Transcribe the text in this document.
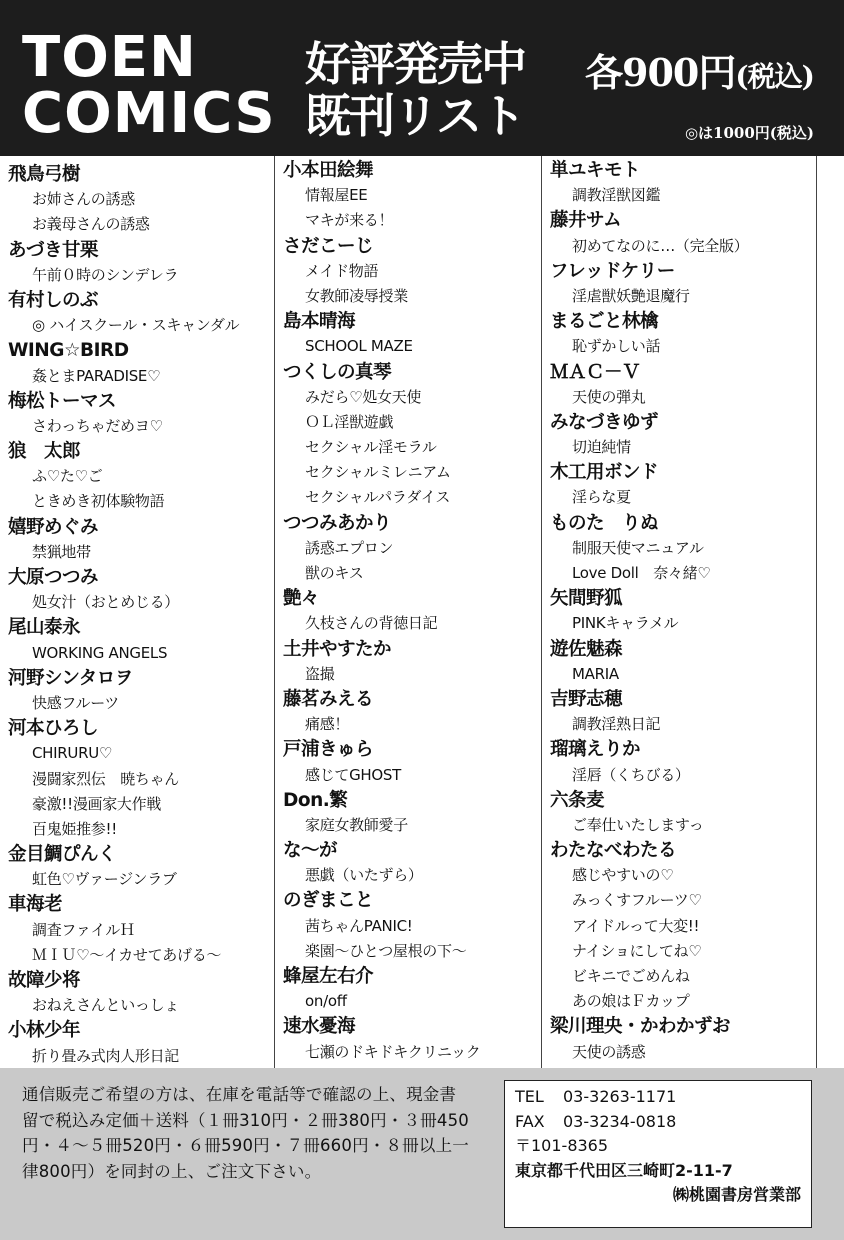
TOEN
COMICS
好評発売中
既刊リスト
各900円(税込)
◎は1000円(税込)
飛鳥弓樹
お姉さんの誘惑
お義母さんの誘惑
あづき甘栗
午前０時のシンデレラ
有村しのぶ
◎ ハイスクール・スキャンダル
WING☆BIRD
姦とまPARADISE♡
梅松トーマス
さわっちゃだめヨ♡
狼　太郎
ふ♡た♡ご
ときめき初体験物語
嬉野めぐみ
禁猟地帯
大原つつみ
処女汁（おとめじる）
尾山泰永
WORKING ANGELS
河野シンタロヲ
快感フルーツ
河本ひろし
CHIRURU♡
漫闘家烈伝　暁ちゃん
豪激!!漫画家大作戦
百鬼姫推参!!
金目鯛ぴんく
虹色♡ヴァージンラブ
車海老
調査ファイルＨ
ＭＩＵ♡～イカせてあげる～
故障少将
おねえさんといっしょ
小林少年
折り畳み式肉人形日記
小本田絵舞
情報屋EE
マキが来る！
さだこーじ
メイド物語
女教師凌辱授業
島本晴海
SCHOOL MAZE
つくしの真琴
みだら♡処女天使
ＯＬ淫獣遊戯
セクシャル淫モラル
セクシャルミレニアム
セクシャルパラダイス
つつみあかり
誘惑エプロン
獣のキス
艶々
久枝さんの背徳日記
土井やすたか
盗撮
藤茗みえる
痛感！
戸浦きゅら
感じてGHOST
Don.繁
家庭女教師愛子
な～が
悪戯（いたずら）
のぎまこと
茜ちゃんPANIC!
楽園～ひとつ屋根の下～
蜂屋左右介
on/off
速水憂海
七瀬のドキドキクリニック
単ユキモト
調教淫獣図鑑
藤井サム
初めてなのに…（完全版）
フレッドケリー
淫虐獣妖艶退魔行
まるごと林檎
恥ずかしい話
ＭＡＣ－Ｖ
天使の弾丸
みなづきゆず
切迫純情
木工用ボンド
淫らな夏
ものた　りぬ
制服天使マニュアル
Love Doll　奈々緒♡
矢間野狐
PINKキャラメル
遊佐魅森
MARIA
吉野志穂
調教淫熟日記
瑠璃えりか
淫唇（くちびる）
六条麦
ご奉仕いたしますっ
わたなべわたる
感じやすいの♡
みっくすフルーツ♡
アイドルって大変!!
ナイショにしてね♡
ビキニでごめんね
あの娘はＦカップ
梁川理央・かわかずお
天使の誘惑
通信販売ご希望の方は、在庫を電話等で確認の上、現金書留で税込み定価＋送料（１冊310円・２冊380円・３冊450円・４～５冊520円・６冊590円・７冊660円・８冊以上一律800円）を同封の上、ご注文下さい。
TEL 03-3263-1171
FAX 03-3234-0818
〒101-8365
東京都千代田区三崎町2-11-7
㈱桃園書房営業部
